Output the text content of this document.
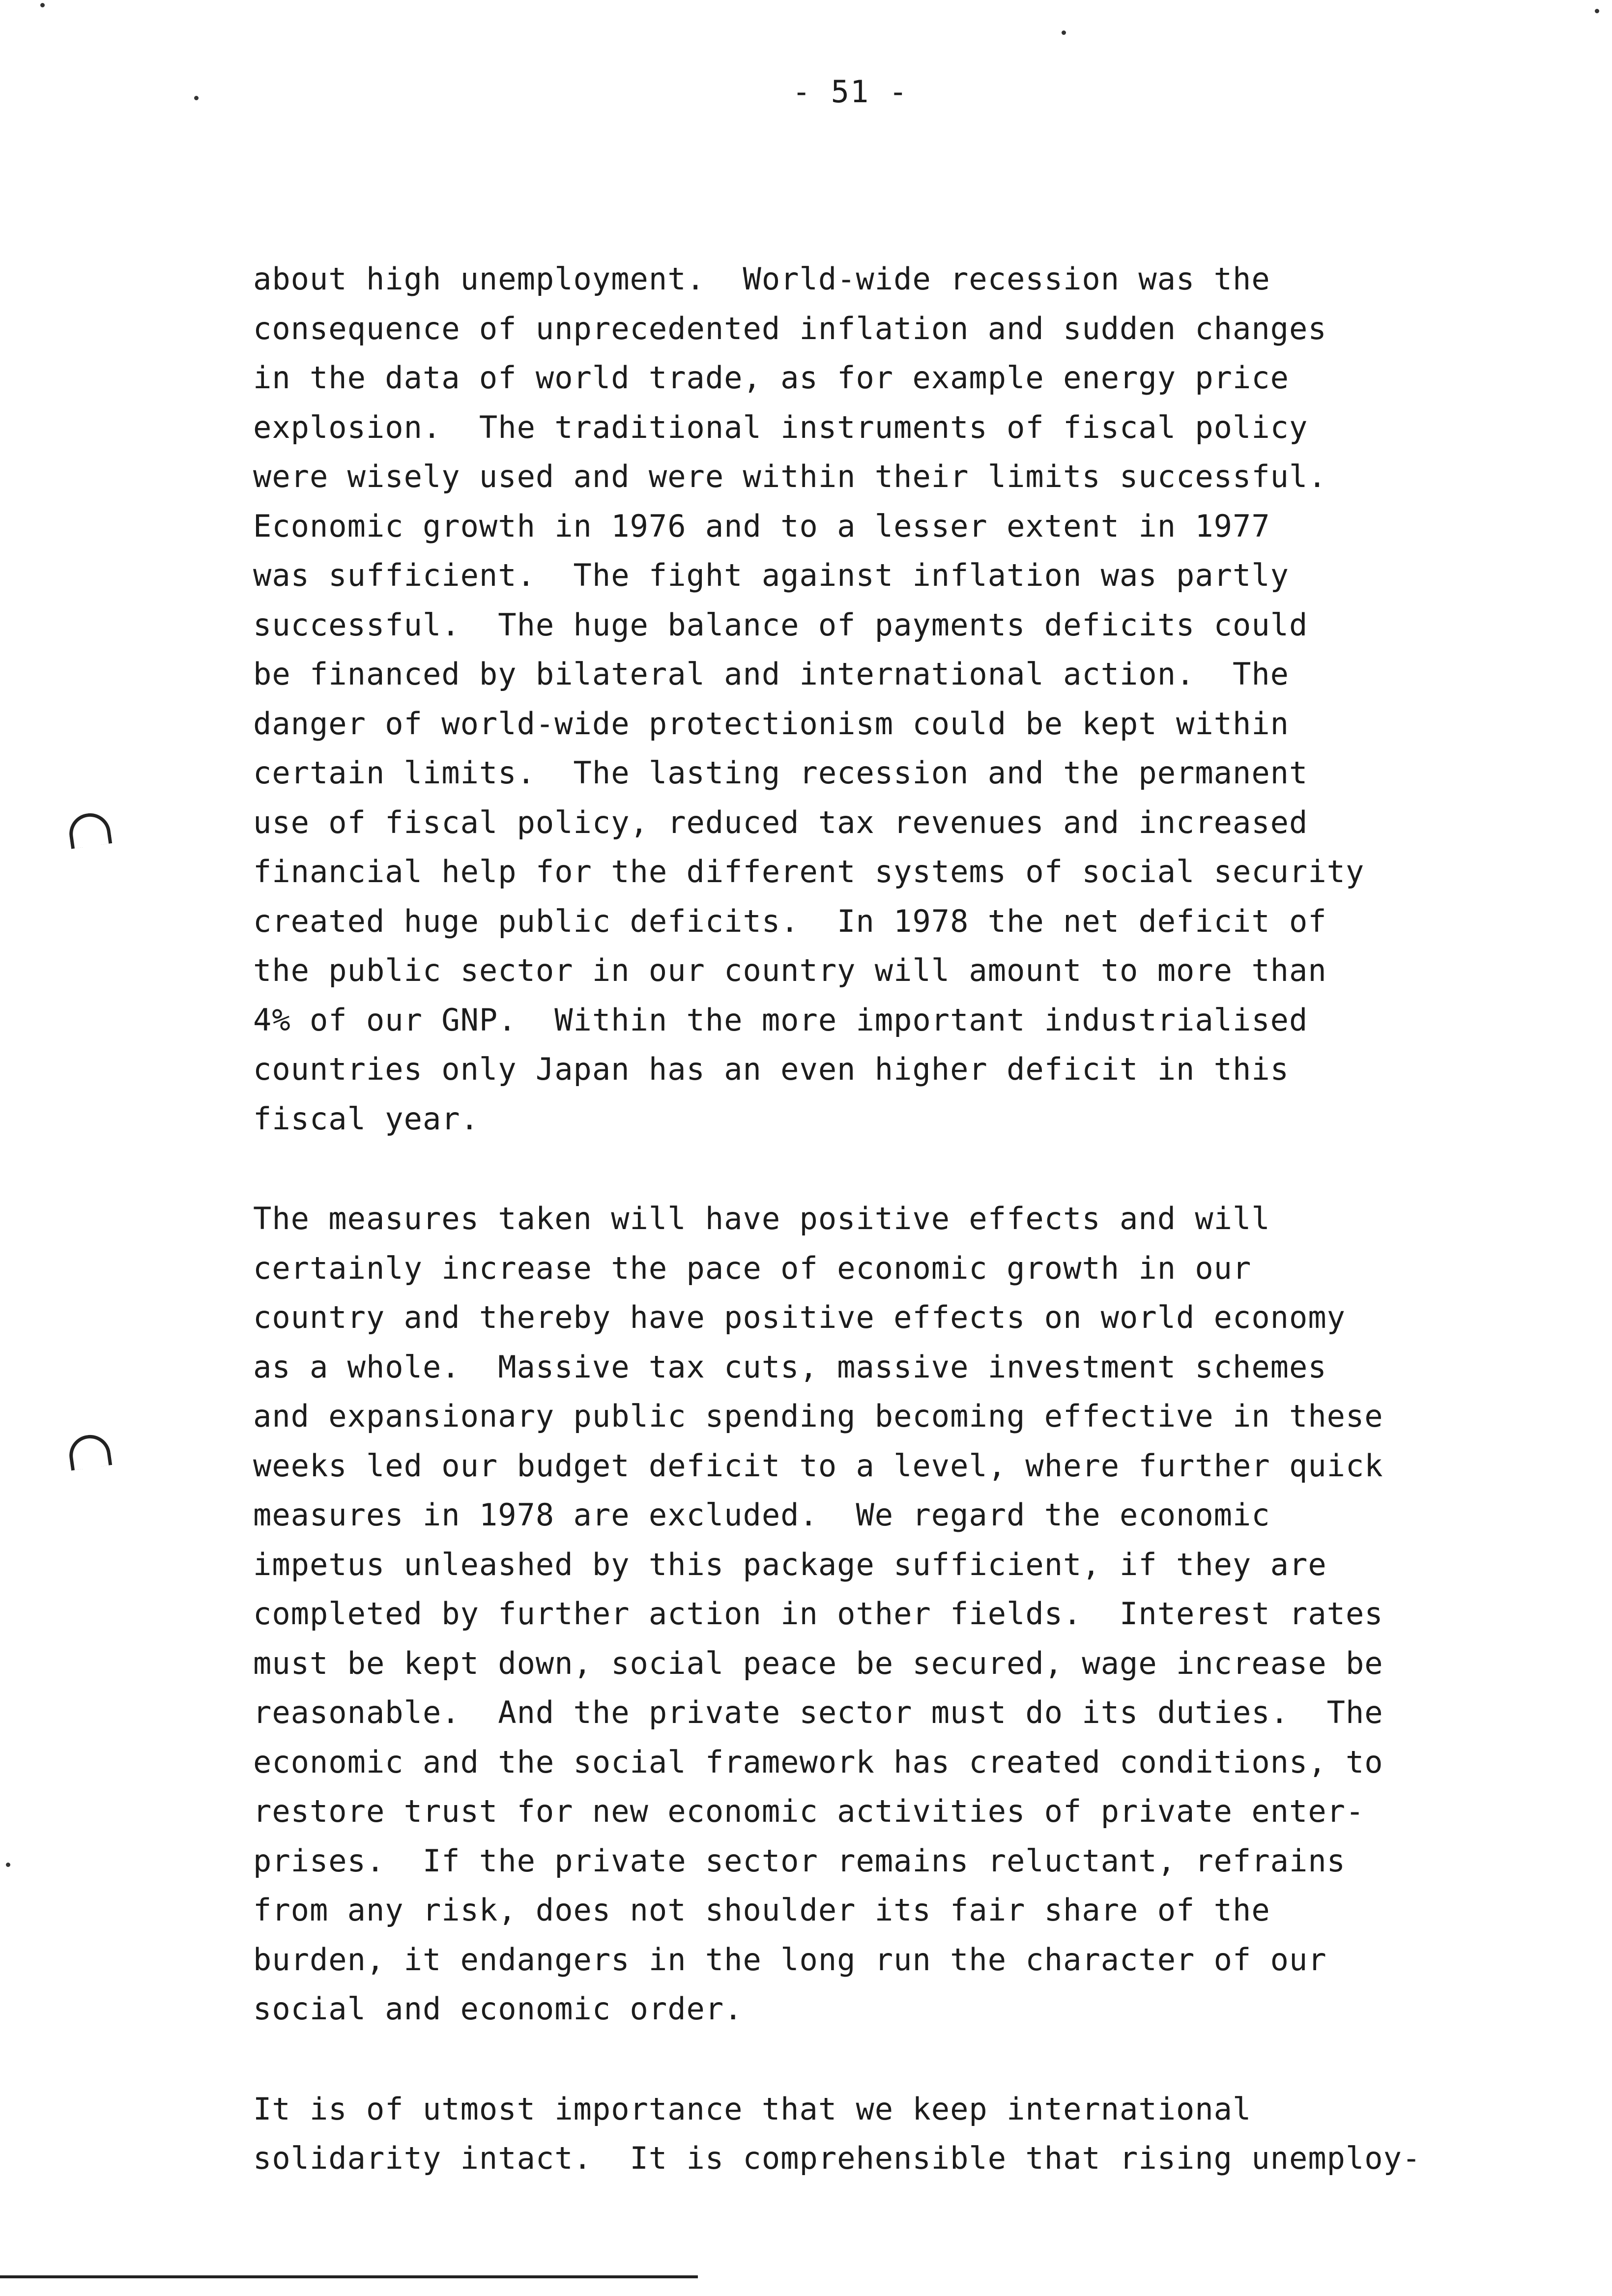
- 51 -
about high unemployment.  World-wide recession was the
consequence of unprecedented inflation and sudden changes
in the data of world trade, as for example energy price
explosion.  The traditional instruments of fiscal policy
were wisely used and were within their limits successful.
Economic growth in 1976 and to a lesser extent in 1977
was sufficient.  The fight against inflation was partly
successful.  The huge balance of payments deficits could
be financed by bilateral and international action.  The
danger of world-wide protectionism could be kept within
certain limits.  The lasting recession and the permanent
use of fiscal policy, reduced tax revenues and increased
financial help for the different systems of social security
created huge public deficits.  In 1978 the net deficit of
the public sector in our country will amount to more than
4% of our GNP.  Within the more important industrialised
countries only Japan has an even higher deficit in this
fiscal year.
The measures taken will have positive effects and will
certainly increase the pace of economic growth in our
country and thereby have positive effects on world economy
as a whole.  Massive tax cuts, massive investment schemes
and expansionary public spending becoming effective in these
weeks led our budget deficit to a level, where further quick
measures in 1978 are excluded.  We regard the economic
impetus unleashed by this package sufficient, if they are
completed by further action in other fields.  Interest rates
must be kept down, social peace be secured, wage increase be
reasonable.  And the private sector must do its duties.  The
economic and the social framework has created conditions, to
restore trust for new economic activities of private enter-
prises.  If the private sector remains reluctant, refrains
from any risk, does not shoulder its fair share of the
burden, it endangers in the long run the character of our
social and economic order.
It is of utmost importance that we keep international
solidarity intact.  It is comprehensible that rising unemploy-
